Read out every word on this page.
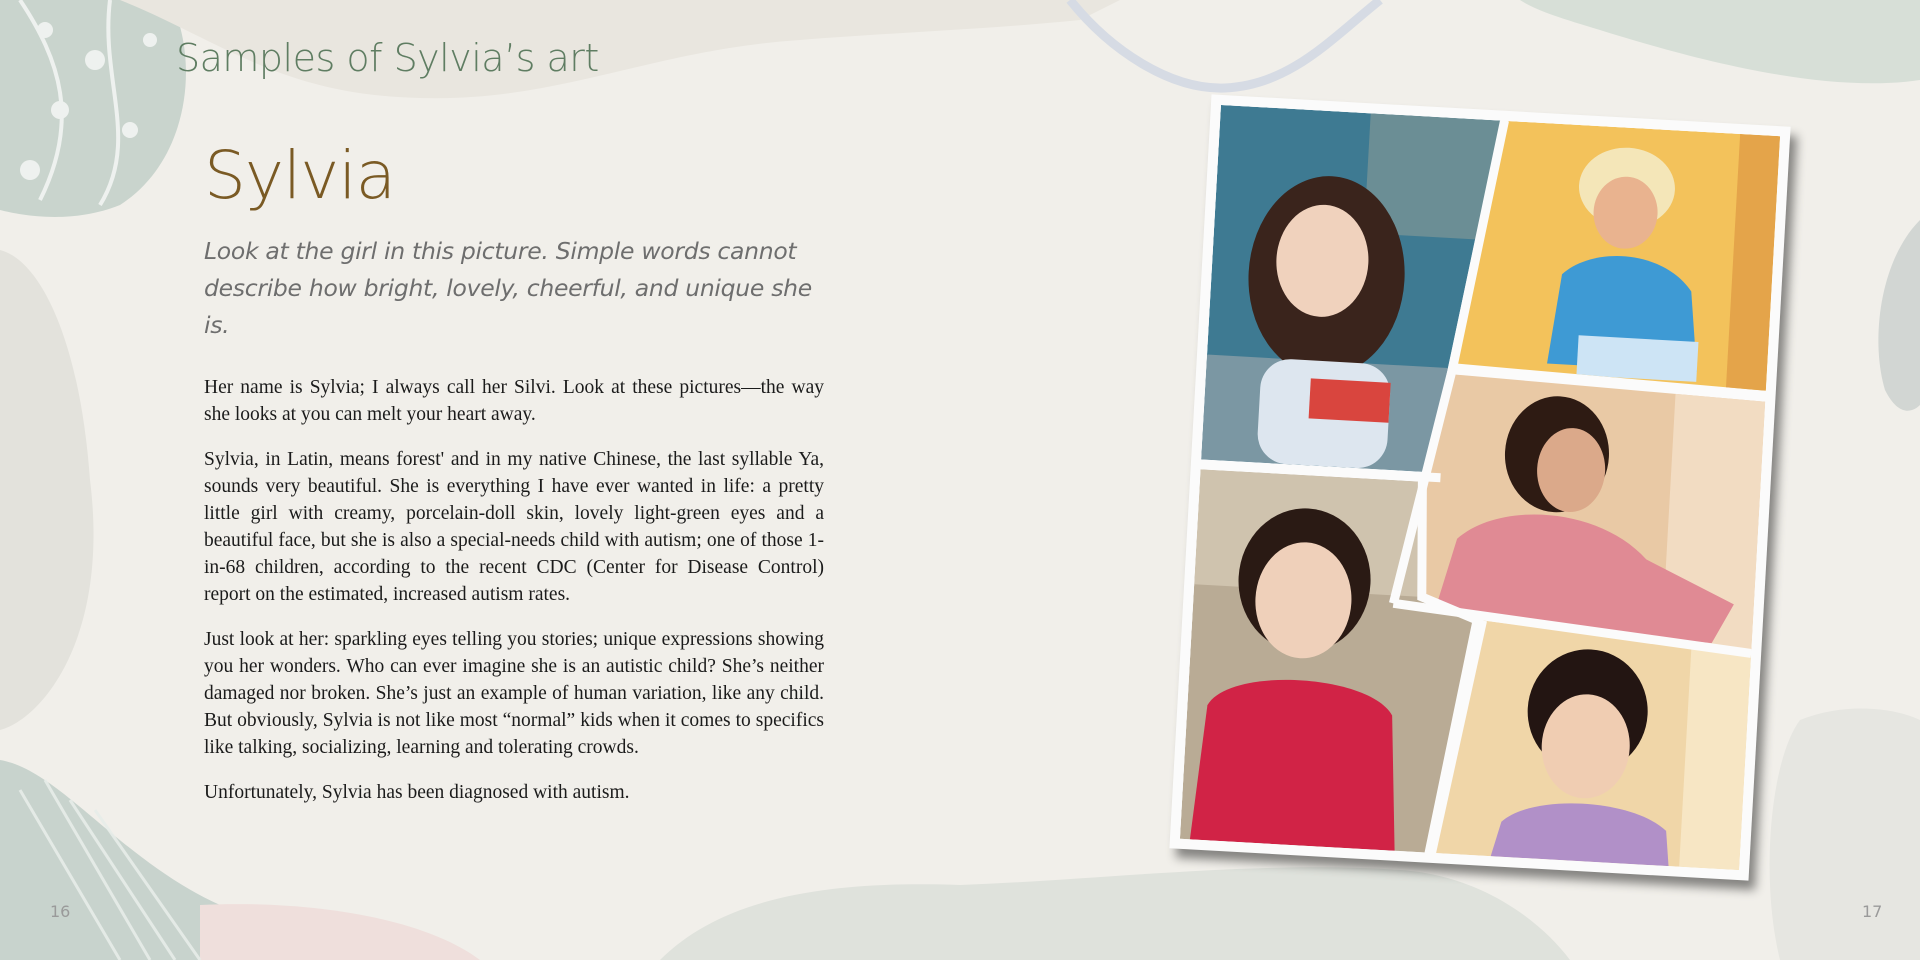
Samples of Sylvia’s art
Sylvia

Look at the girl in this picture. Simple words cannot describe how bright, lovely, cheerful, and unique she is.

Her name is Sylvia; I always call her Silvi. Look at these pictures—the way she looks at you can melt your heart away.

Sylvia, in Latin, means forest' and in my native Chinese, the last syllable Ya, sounds very beautiful. She is everything I have ever wanted in life: a pretty little girl with creamy, porcelain-doll skin, lovely light-green eyes and a beautiful face, but she is also a special-needs child with autism; one of those 1-in-68 children, according to the recent CDC (Center for Disease Control) report on the estimated, increased autism rates.

Just look at her: sparkling eyes telling you stories; unique expressions showing you her wonders. Who can ever imagine she is an autistic child? She’s neither damaged nor broken. She’s just an example of human variation, like any child. But obviously, Sylvia is not like most “normal” kids when it comes to specifics like talking, socializing, learning and tolerating crowds.

Unfortunately, Sylvia has been diagnosed with autism.

16	17
